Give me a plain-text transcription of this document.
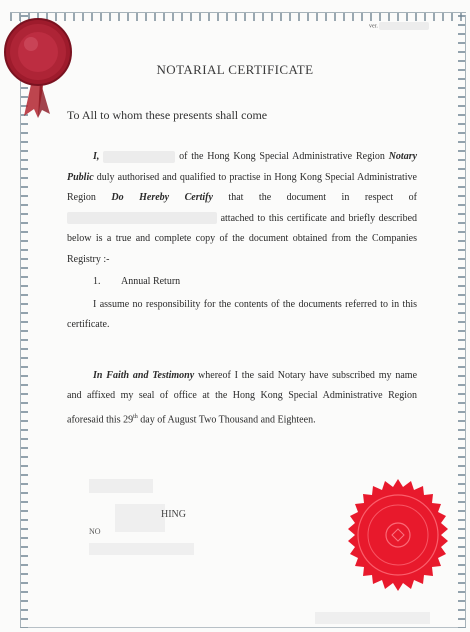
ver.
NOTARIAL CERTIFICATE
To All to whom these presents shall come

I,	of the Hong Kong Special Administrative Region Notary Public duly authorised and qualified to practise in Hong Kong Special Administrative Region Do Hereby Certify that the document in respect of  attached to this certificate and briefly described below is a true and complete copy of the document obtained from the Companies Registry :-

1. Annual Return

I assume no responsibility for the contents of the documents referred to in this certificate.

In Faith and Testimony whereof I the said Notary have subscribed my name and affixed my seal of office at the Hong Kong Special Administrative Region aforesaid this 29th day of August Two Thousand and Eighteen.

HING
NO
